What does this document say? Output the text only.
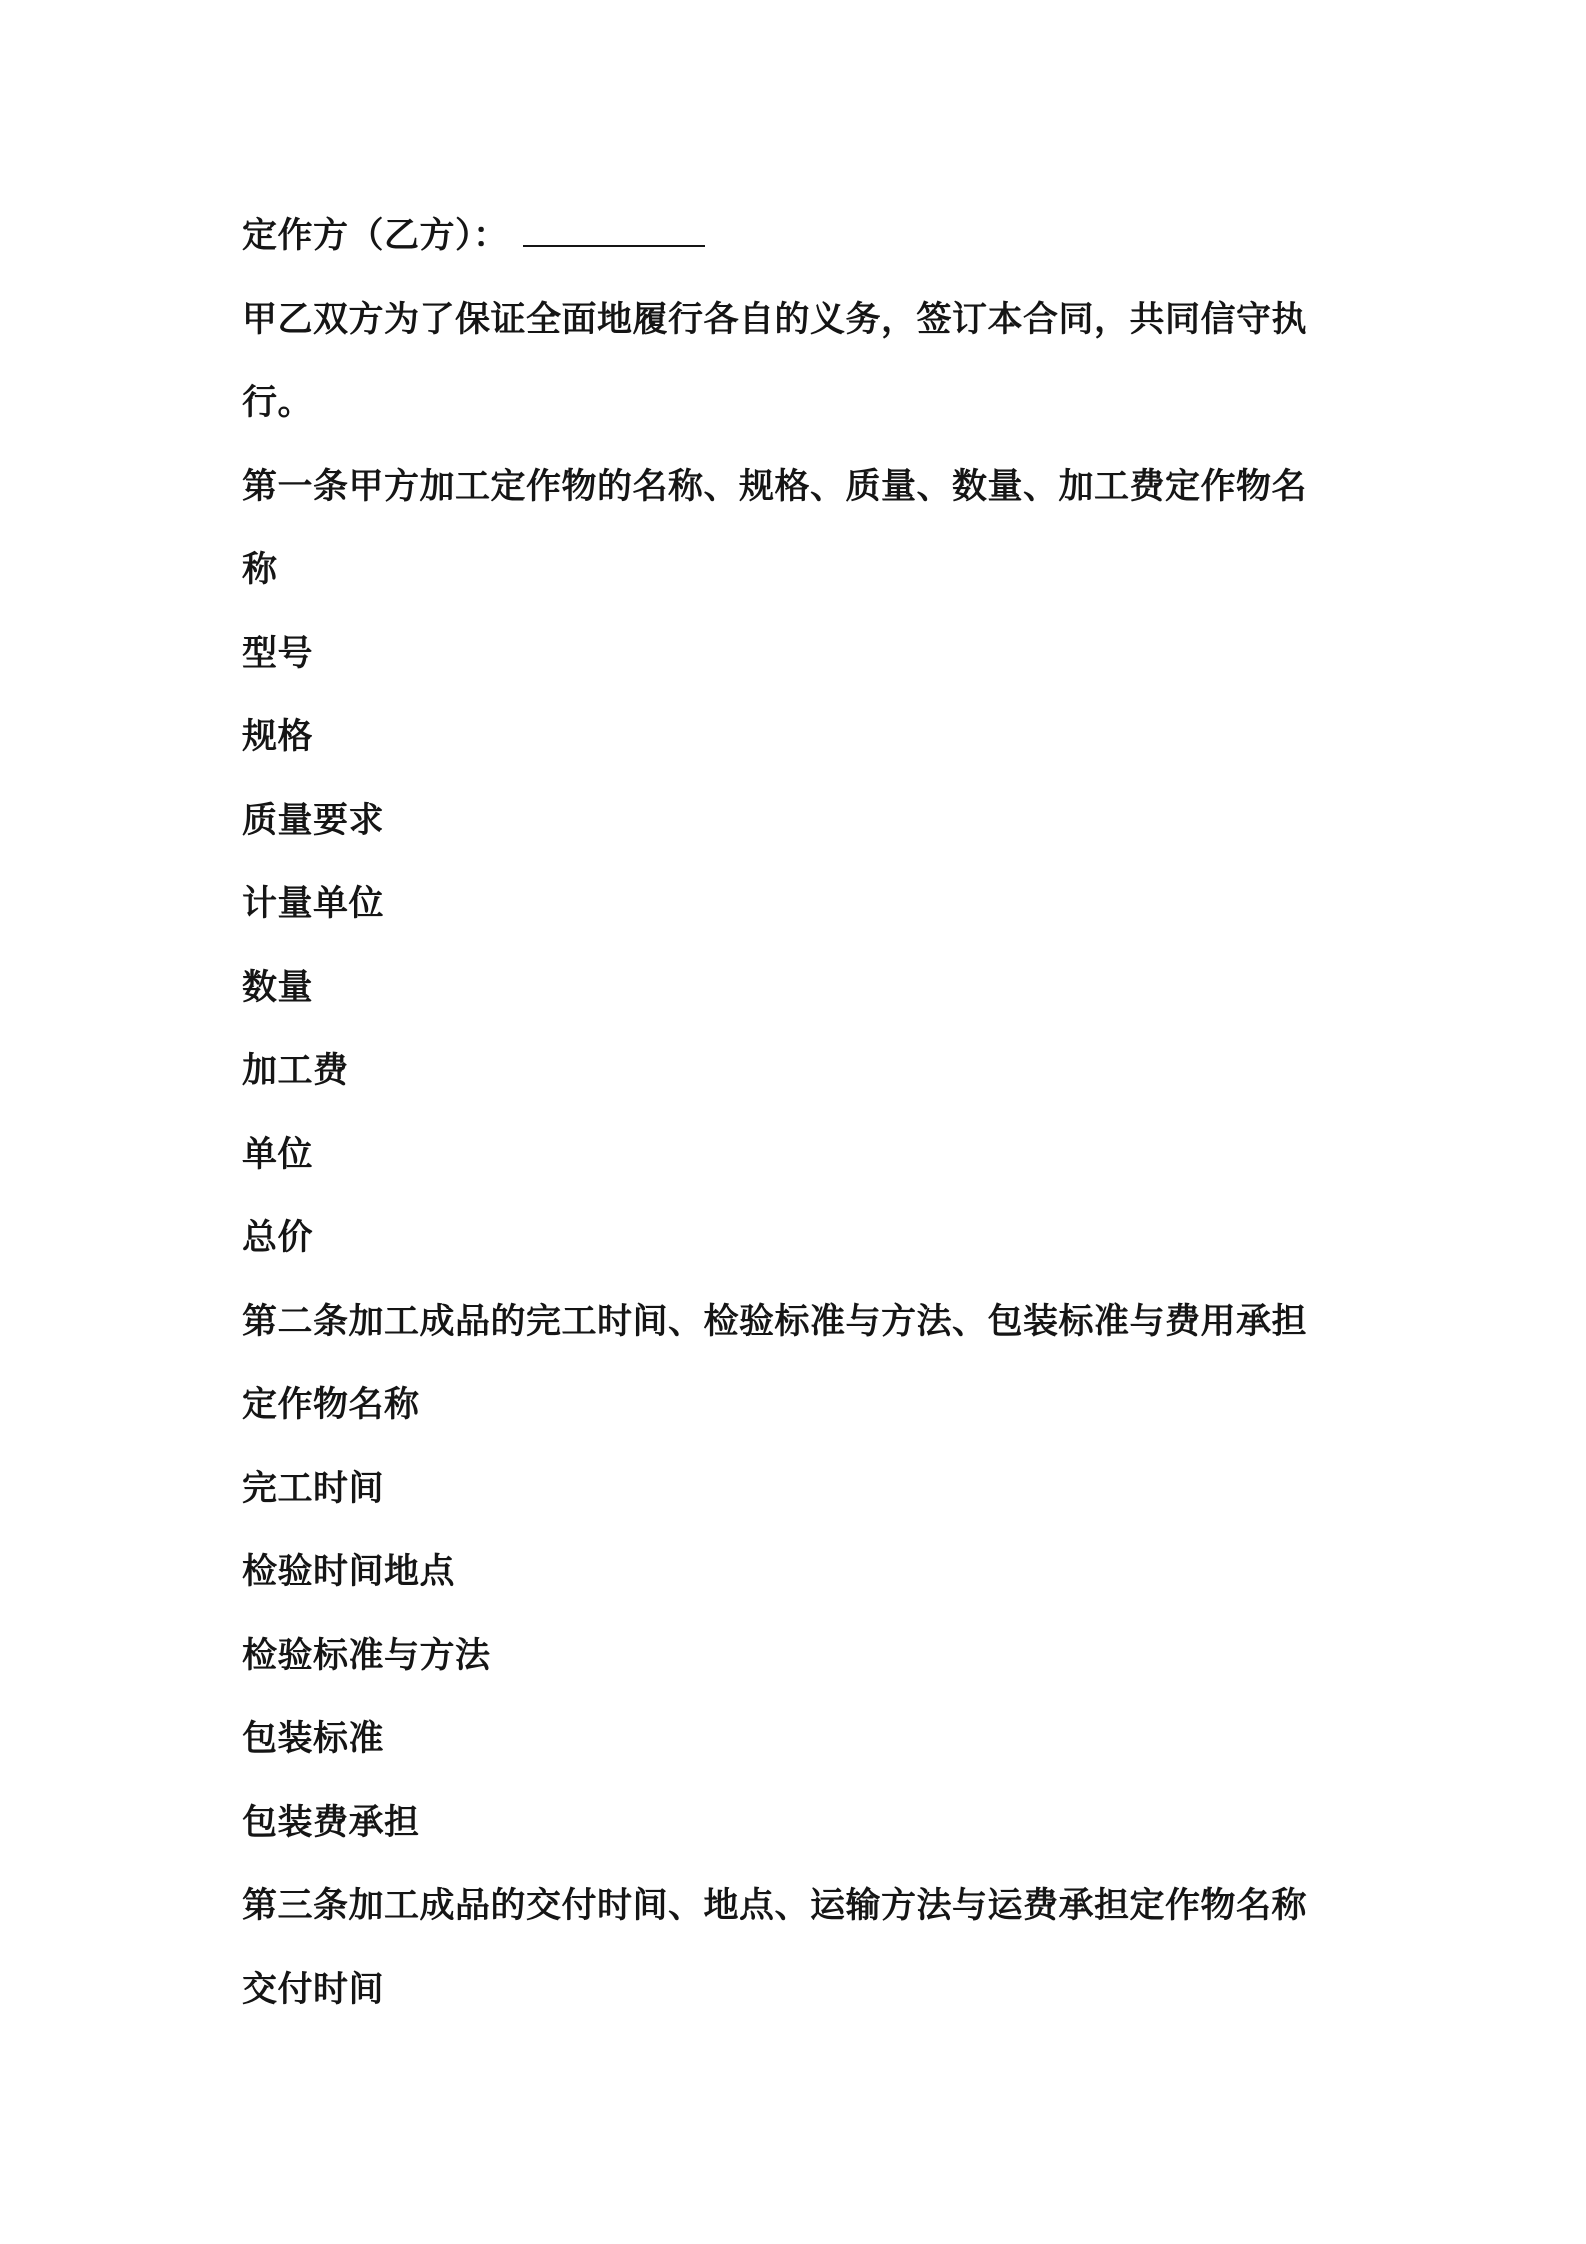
定作方（乙方）：
甲乙双方为了保证全面地履行各自的义务，签订本合同，共同信守执
行。
第一条甲方加工定作物的名称、规格、质量、数量、加工费定作物名
称
型号
规格
质量要求
计量单位
数量
加工费
单位
总价
第二条加工成品的完工时间、检验标准与方法、包装标准与费用承担
定作物名称
完工时间
检验时间地点
检验标准与方法
包装标准
包装费承担
第三条加工成品的交付时间、地点、运输方法与运费承担定作物名称
交付时间
